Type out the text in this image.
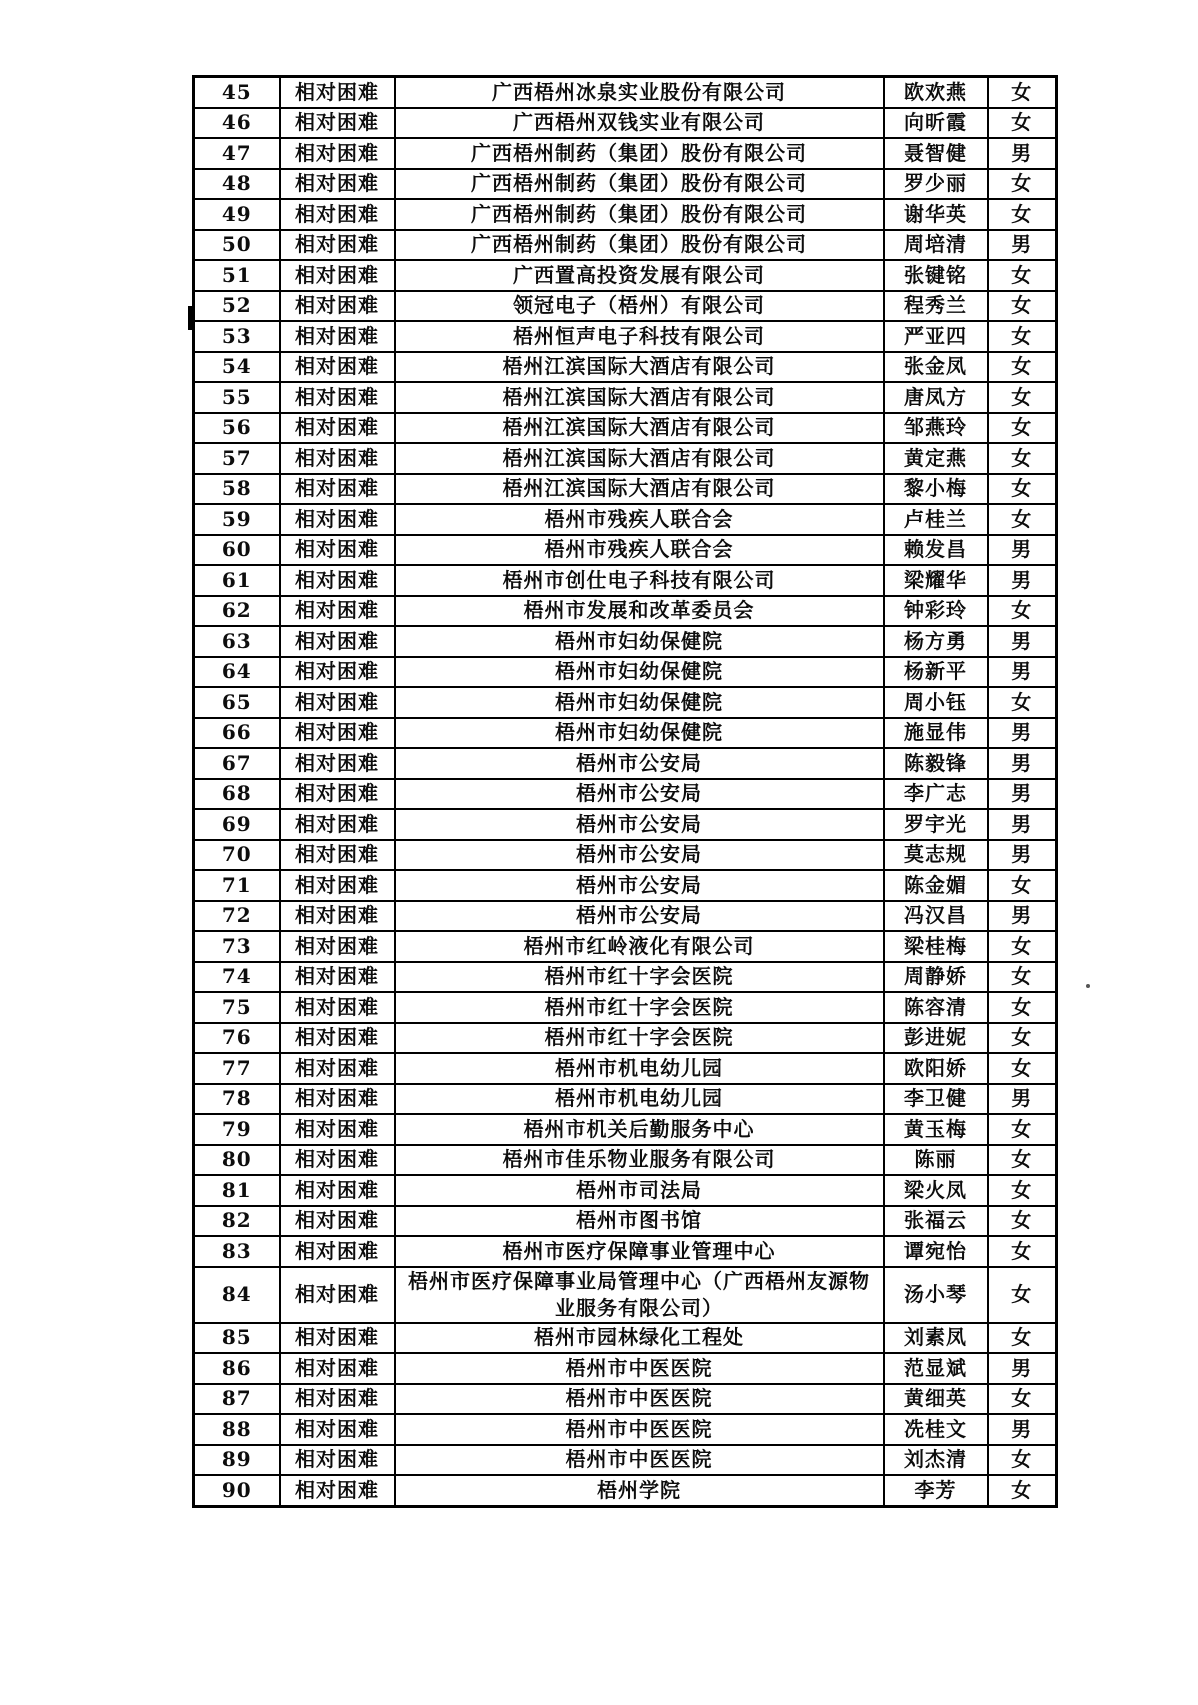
45	相对困难	广西梧州冰泉实业股份有限公司	欧欢燕	女
46	相对困难	广西梧州双钱实业有限公司	向昕霞	女
47	相对困难	广西梧州制药（集团）股份有限公司	聂智健	男
48	相对困难	广西梧州制药（集团）股份有限公司	罗少丽	女
49	相对困难	广西梧州制药（集团）股份有限公司	谢华英	女
50	相对困难	广西梧州制药（集团）股份有限公司	周培清	男
51	相对困难	广西置高投资发展有限公司	张键铭	女
52	相对困难	领冠电子（梧州）有限公司	程秀兰	女
53	相对困难	梧州恒声电子科技有限公司	严亚四	女
54	相对困难	梧州江滨国际大酒店有限公司	张金凤	女
55	相对困难	梧州江滨国际大酒店有限公司	唐凤方	女
56	相对困难	梧州江滨国际大酒店有限公司	邹燕玲	女
57	相对困难	梧州江滨国际大酒店有限公司	黄定燕	女
58	相对困难	梧州江滨国际大酒店有限公司	黎小梅	女
59	相对困难	梧州市残疾人联合会	卢桂兰	女
60	相对困难	梧州市残疾人联合会	赖发昌	男
61	相对困难	梧州市创仕电子科技有限公司	梁耀华	男
62	相对困难	梧州市发展和改革委员会	钟彩玲	女
63	相对困难	梧州市妇幼保健院	杨方勇	男
64	相对困难	梧州市妇幼保健院	杨新平	男
65	相对困难	梧州市妇幼保健院	周小钰	女
66	相对困难	梧州市妇幼保健院	施显伟	男
67	相对困难	梧州市公安局	陈毅锋	男
68	相对困难	梧州市公安局	李广志	男
69	相对困难	梧州市公安局	罗宇光	男
70	相对困难	梧州市公安局	莫志规	男
71	相对困难	梧州市公安局	陈金媚	女
72	相对困难	梧州市公安局	冯汉昌	男
73	相对困难	梧州市红岭液化有限公司	梁桂梅	女
74	相对困难	梧州市红十字会医院	周静娇	女
75	相对困难	梧州市红十字会医院	陈容清	女
76	相对困难	梧州市红十字会医院	彭进妮	女
77	相对困难	梧州市机电幼儿园	欧阳娇	女
78	相对困难	梧州市机电幼儿园	李卫健	男
79	相对困难	梧州市机关后勤服务中心	黄玉梅	女
80	相对困难	梧州市佳乐物业服务有限公司	陈丽	女
81	相对困难	梧州市司法局	梁火凤	女
82	相对困难	梧州市图书馆	张福云	女
83	相对困难	梧州市医疗保障事业管理中心	谭宛怡	女
84	相对困难	梧州市医疗保障事业局管理中心（广西梧州友源物业服务有限公司）	汤小琴	女
85	相对困难	梧州市园林绿化工程处	刘素凤	女
86	相对困难	梧州市中医医院	范显斌	男
87	相对困难	梧州市中医医院	黄细英	女
88	相对困难	梧州市中医医院	冼桂文	男
89	相对困难	梧州市中医医院	刘杰清	女
90	相对困难	梧州学院	李芳	女
